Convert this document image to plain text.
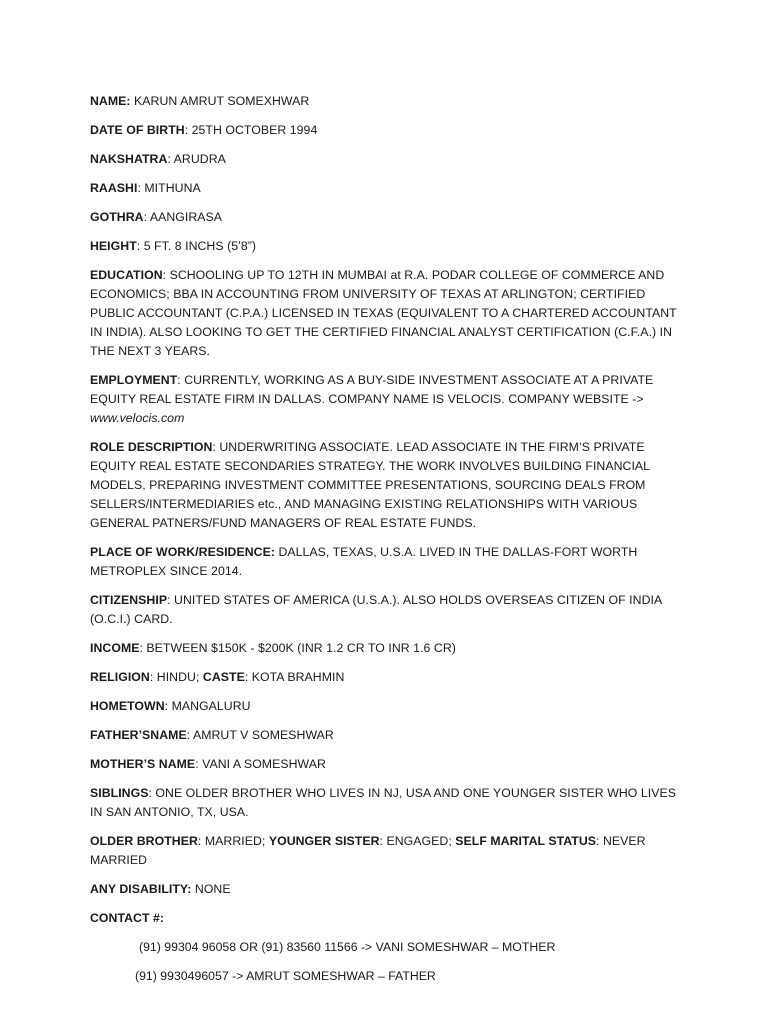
NAME: KARUN AMRUT SOMEXHWAR

DATE OF BIRTH: 25TH OCTOBER 1994

NAKSHATRA: ARUDRA

RAASHI: MITHUNA

GOTHRA: AANGIRASA

HEIGHT: 5 FT. 8 INCHS (5’8”)

EDUCATION: SCHOOLING UP TO 12TH IN MUMBAI at R.A. PODAR COLLEGE OF COMMERCE AND ECONOMICS; BBA IN ACCOUNTING FROM UNIVERSITY OF TEXAS AT ARLINGTON; CERTIFIED PUBLIC ACCOUNTANT (C.P.A.) LICENSED IN TEXAS (EQUIVALENT TO A CHARTERED ACCOUNTANT IN INDIA). ALSO LOOKING TO GET THE CERTIFIED FINANCIAL ANALYST CERTIFICATION (C.F.A.) IN THE NEXT 3 YEARS.

EMPLOYMENT: CURRENTLY, WORKING AS A BUY-SIDE INVESTMENT ASSOCIATE AT A PRIVATE EQUITY REAL ESTATE FIRM IN DALLAS. COMPANY NAME IS VELOCIS. COMPANY WEBSITE -> www.velocis.com

ROLE DESCRIPTION: UNDERWRITING ASSOCIATE. LEAD ASSOCIATE IN THE FIRM’S PRIVATE EQUITY REAL ESTATE SECONDARIES STRATEGY. THE WORK INVOLVES BUILDING FINANCIAL MODELS, PREPARING INVESTMENT COMMITTEE PRESENTATIONS, SOURCING DEALS FROM SELLERS/INTERMEDIARIES etc., AND MANAGING EXISTING RELATIONSHIPS WITH VARIOUS GENERAL PATNERS/FUND MANAGERS OF REAL ESTATE FUNDS.

PLACE OF WORK/RESIDENCE: DALLAS, TEXAS, U.S.A. LIVED IN THE DALLAS-FORT WORTH METROPLEX SINCE 2014.

CITIZENSHIP: UNITED STATES OF AMERICA (U.S.A.). ALSO HOLDS OVERSEAS CITIZEN OF INDIA (O.C.I.) CARD.

INCOME: BETWEEN $150K - $200K (INR 1.2 CR TO INR 1.6 CR)

RELIGION: HINDU; CASTE: KOTA BRAHMIN

HOMETOWN: MANGALURU

FATHER’SNAME: AMRUT V SOMESHWAR

MOTHER’S NAME: VANI A SOMESHWAR

SIBLINGS: ONE OLDER BROTHER WHO LIVES IN NJ, USA AND ONE YOUNGER SISTER WHO LIVES IN SAN ANTONIO, TX, USA.

OLDER BROTHER: MARRIED; YOUNGER SISTER: ENGAGED; SELF MARITAL STATUS: NEVER MARRIED

ANY DISABILITY: NONE

CONTACT #:

(91) 99304 96058 OR (91) 83560 11566 -> VANI SOMESHWAR – MOTHER

(91) 9930496057 -> AMRUT SOMESHWAR – FATHER
